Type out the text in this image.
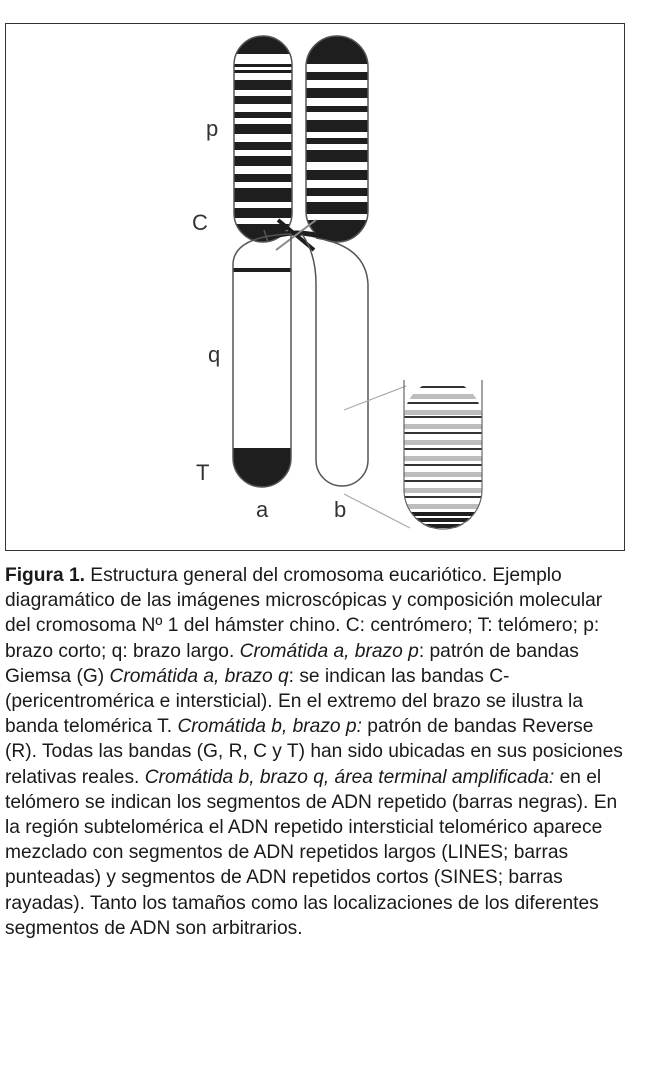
p
C
q
T
a	b
Figura 1. Estructura general del cromosoma eucariótico. Ejemplo diagramático de las imágenes microscópicas y composición molecular del cromosoma Nº 1 del hámster chino. C: centrómero; T: telómero; p: brazo corto; q: brazo largo. Cromátida a, brazo p: patrón de bandas Giemsa (G) Cromátida a, brazo q: se indican las bandas C-(pericentromérica e intersticial). En el extremo del brazo se ilustra la banda telomérica T. Cromátida b, brazo p: patrón de bandas Reverse (R). Todas las bandas (G, R, C y T) han sido ubicadas en sus posiciones relativas reales. Cromátida b, brazo q, área terminal amplificada: en el telómero se indican los segmentos de ADN repetido (barras negras). En la región subtelomérica el ADN repetido intersticial telomérico aparece mezclado con segmentos de ADN repetidos largos (LINES; barras punteadas) y segmentos de ADN repetidos cortos (SINES; barras rayadas). Tanto los tamaños como las localizaciones de los diferentes segmentos de ADN son arbitrarios.
